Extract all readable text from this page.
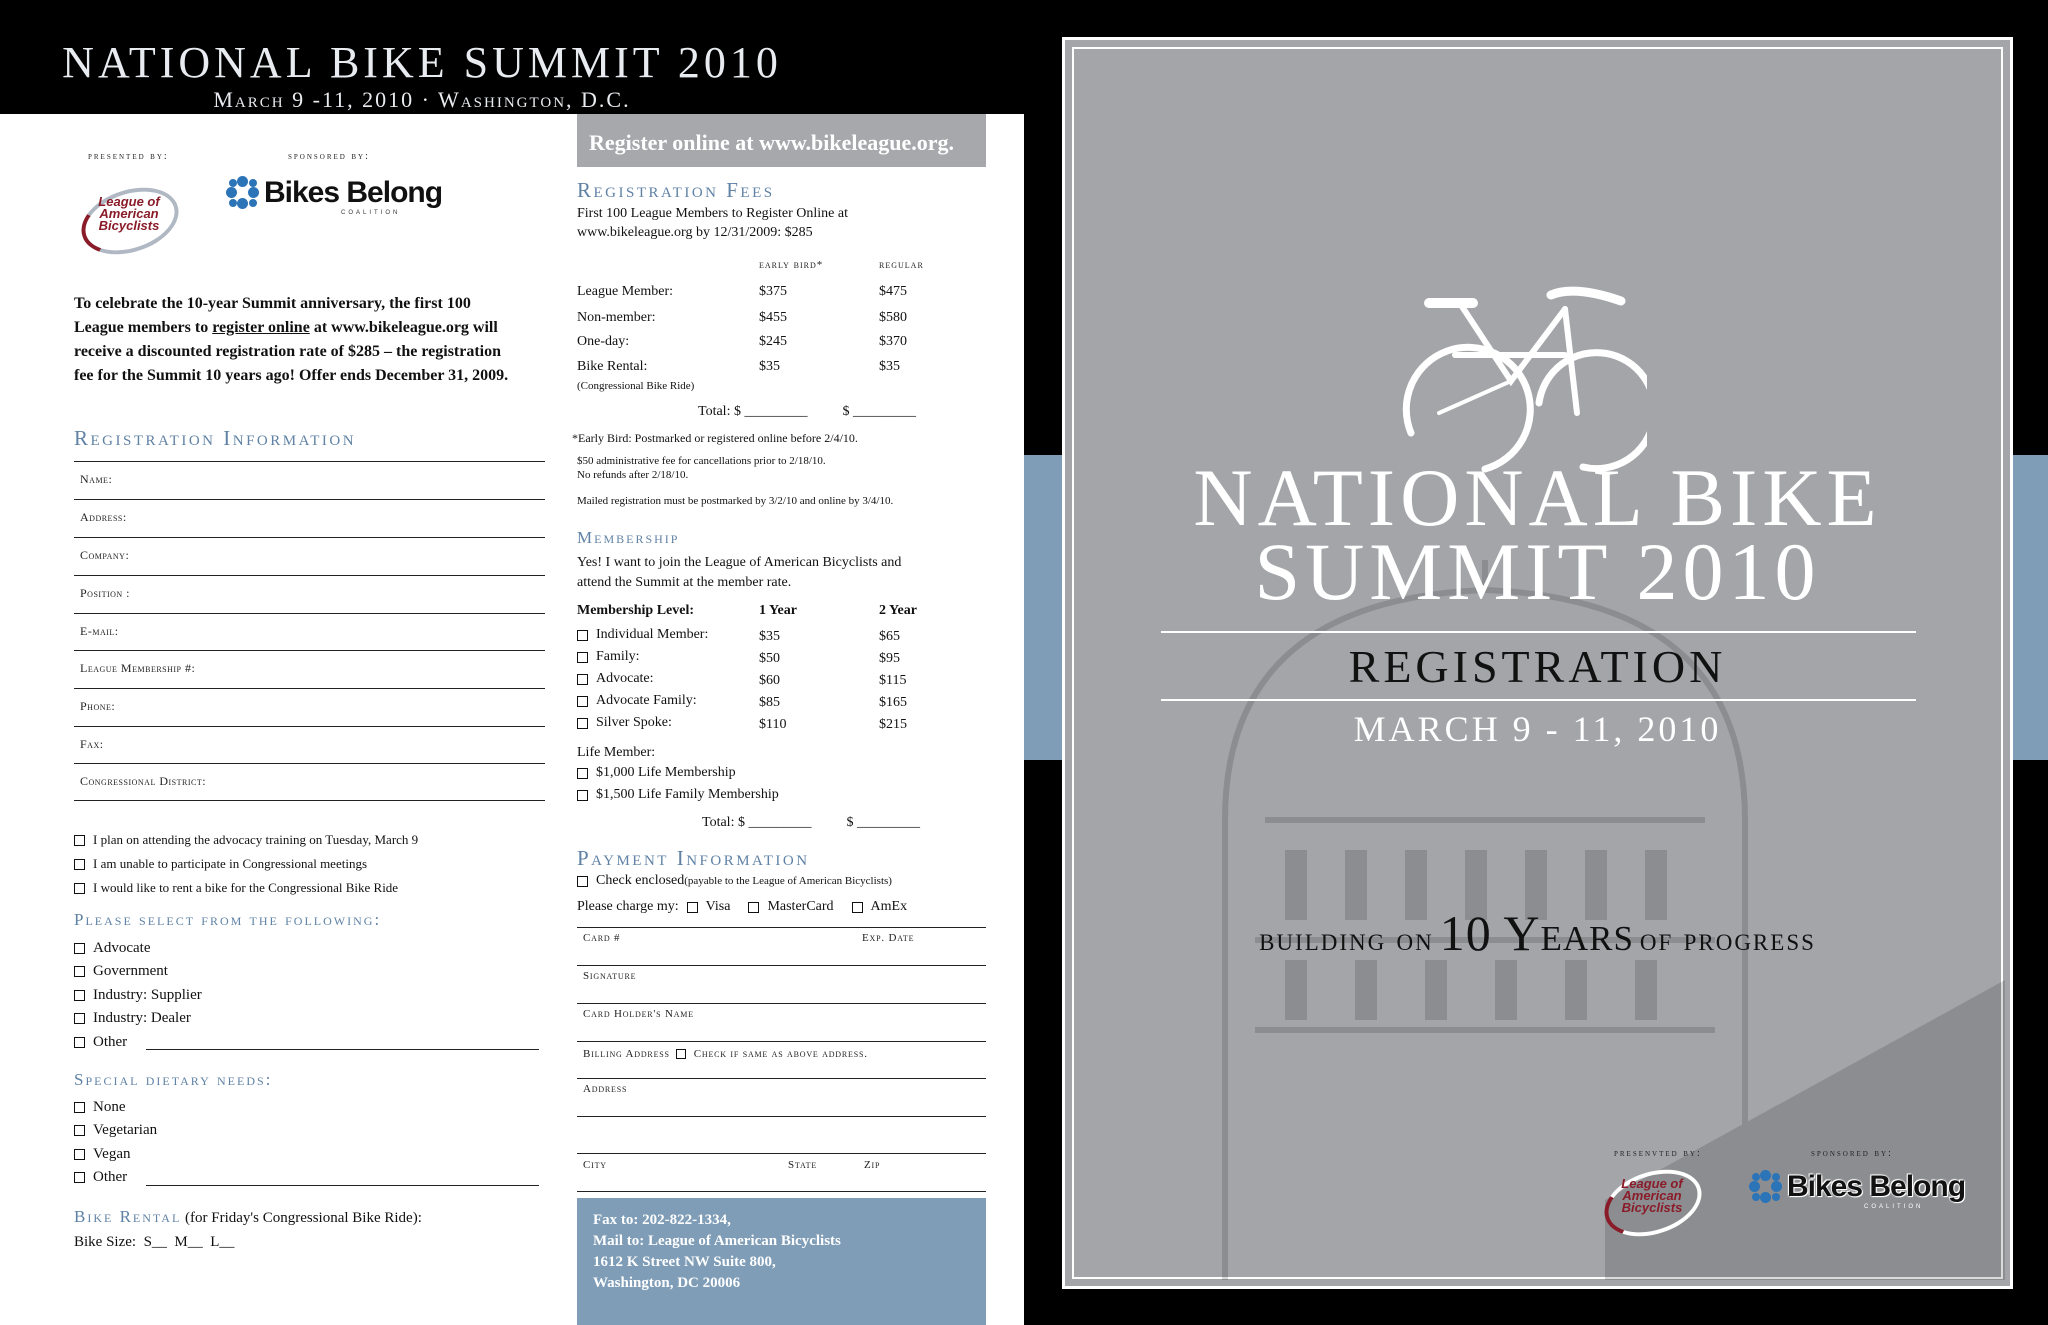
NATIONAL BIKE SUMMIT 2010
March 9 -11, 2010 · Washington, D.C.
presented by:	sponsored by:
League of
American
Bicyclists
Bikes Belong
COALITION
To celebrate the 10-year Summit anniversary, the first 100 League members to register online at www.bikeleague.org will receive a discounted registration rate of $285 – the registration fee for the Summit 10 years ago! Offer ends December 31, 2009.
Registration Information
Name:
Address:
Company:
Position :
E-mail:
League Membership #:
Phone:
Fax:
Congressional District:
I plan on attending the advocacy training on Tuesday, March 9
I am unable to participate in Congressional meetings
I would like to rent a bike for the Congressional Bike Ride
Please select from the following:
Advocate
Government
Industry: Supplier
Industry: Dealer
Other
Special dietary needs:
None
Vegetarian
Vegan
Other
Bike Rental (for Friday's Congressional Bike Ride):
Bike Size:  S__  M__  L__
Register online at www.bikeleague.org.
Registration Fees
First 100 League Members to Register Online at
www.bikeleague.org by 12/31/2009: $285
early bird*	regular
League Member:	$375	$475
Non-member:	$455	$580
One-day:	$245	$370
Bike Rental:	$35	$35
(Congressional Bike Ride)
Total: $ _________          $ _________
*Early Bird: Postmarked or registered online before 2/4/10.
$50 administrative fee for cancellations prior to 2/18/10.
No refunds after 2/18/10.
Mailed registration must be postmarked by 3/2/10 and online by 3/4/10.
Membership
Yes! I want to join the League of American Bicyclists and
attend the Summit at the member rate.
Membership Level:	1 Year	2 Year
Individual Member:	$35	$65
Family:	$50	$95
Advocate:	$60	$115
Advocate Family:	$85	$165
Silver Spoke:	$110	$215
Life Member:
$1,000 Life Membership
$1,500 Life Family Membership
Total: $ _________          $ _________
Payment Information
Check enclosed (payable to the League of American Bicyclists)
Please charge my: Visa	MasterCard	AmEx
Card #	Exp. Date
Signature
Card Holder's Name
Billing Address Check if same as above address.
Address
City	State	Zip
Fax to: 202-822-1334,
Mail to: League of American Bicyclists
1612 K Street NW Suite 800,
Washington, DC 20006
NATIONAL BIKE
SUMMIT 2010
REGISTRATION
MARCH 9 - 11, 2010
building on 10 Years of progress
presenvted by:	sponsored by:
League of
American
Bicyclists
Bikes Belong
COALITION
